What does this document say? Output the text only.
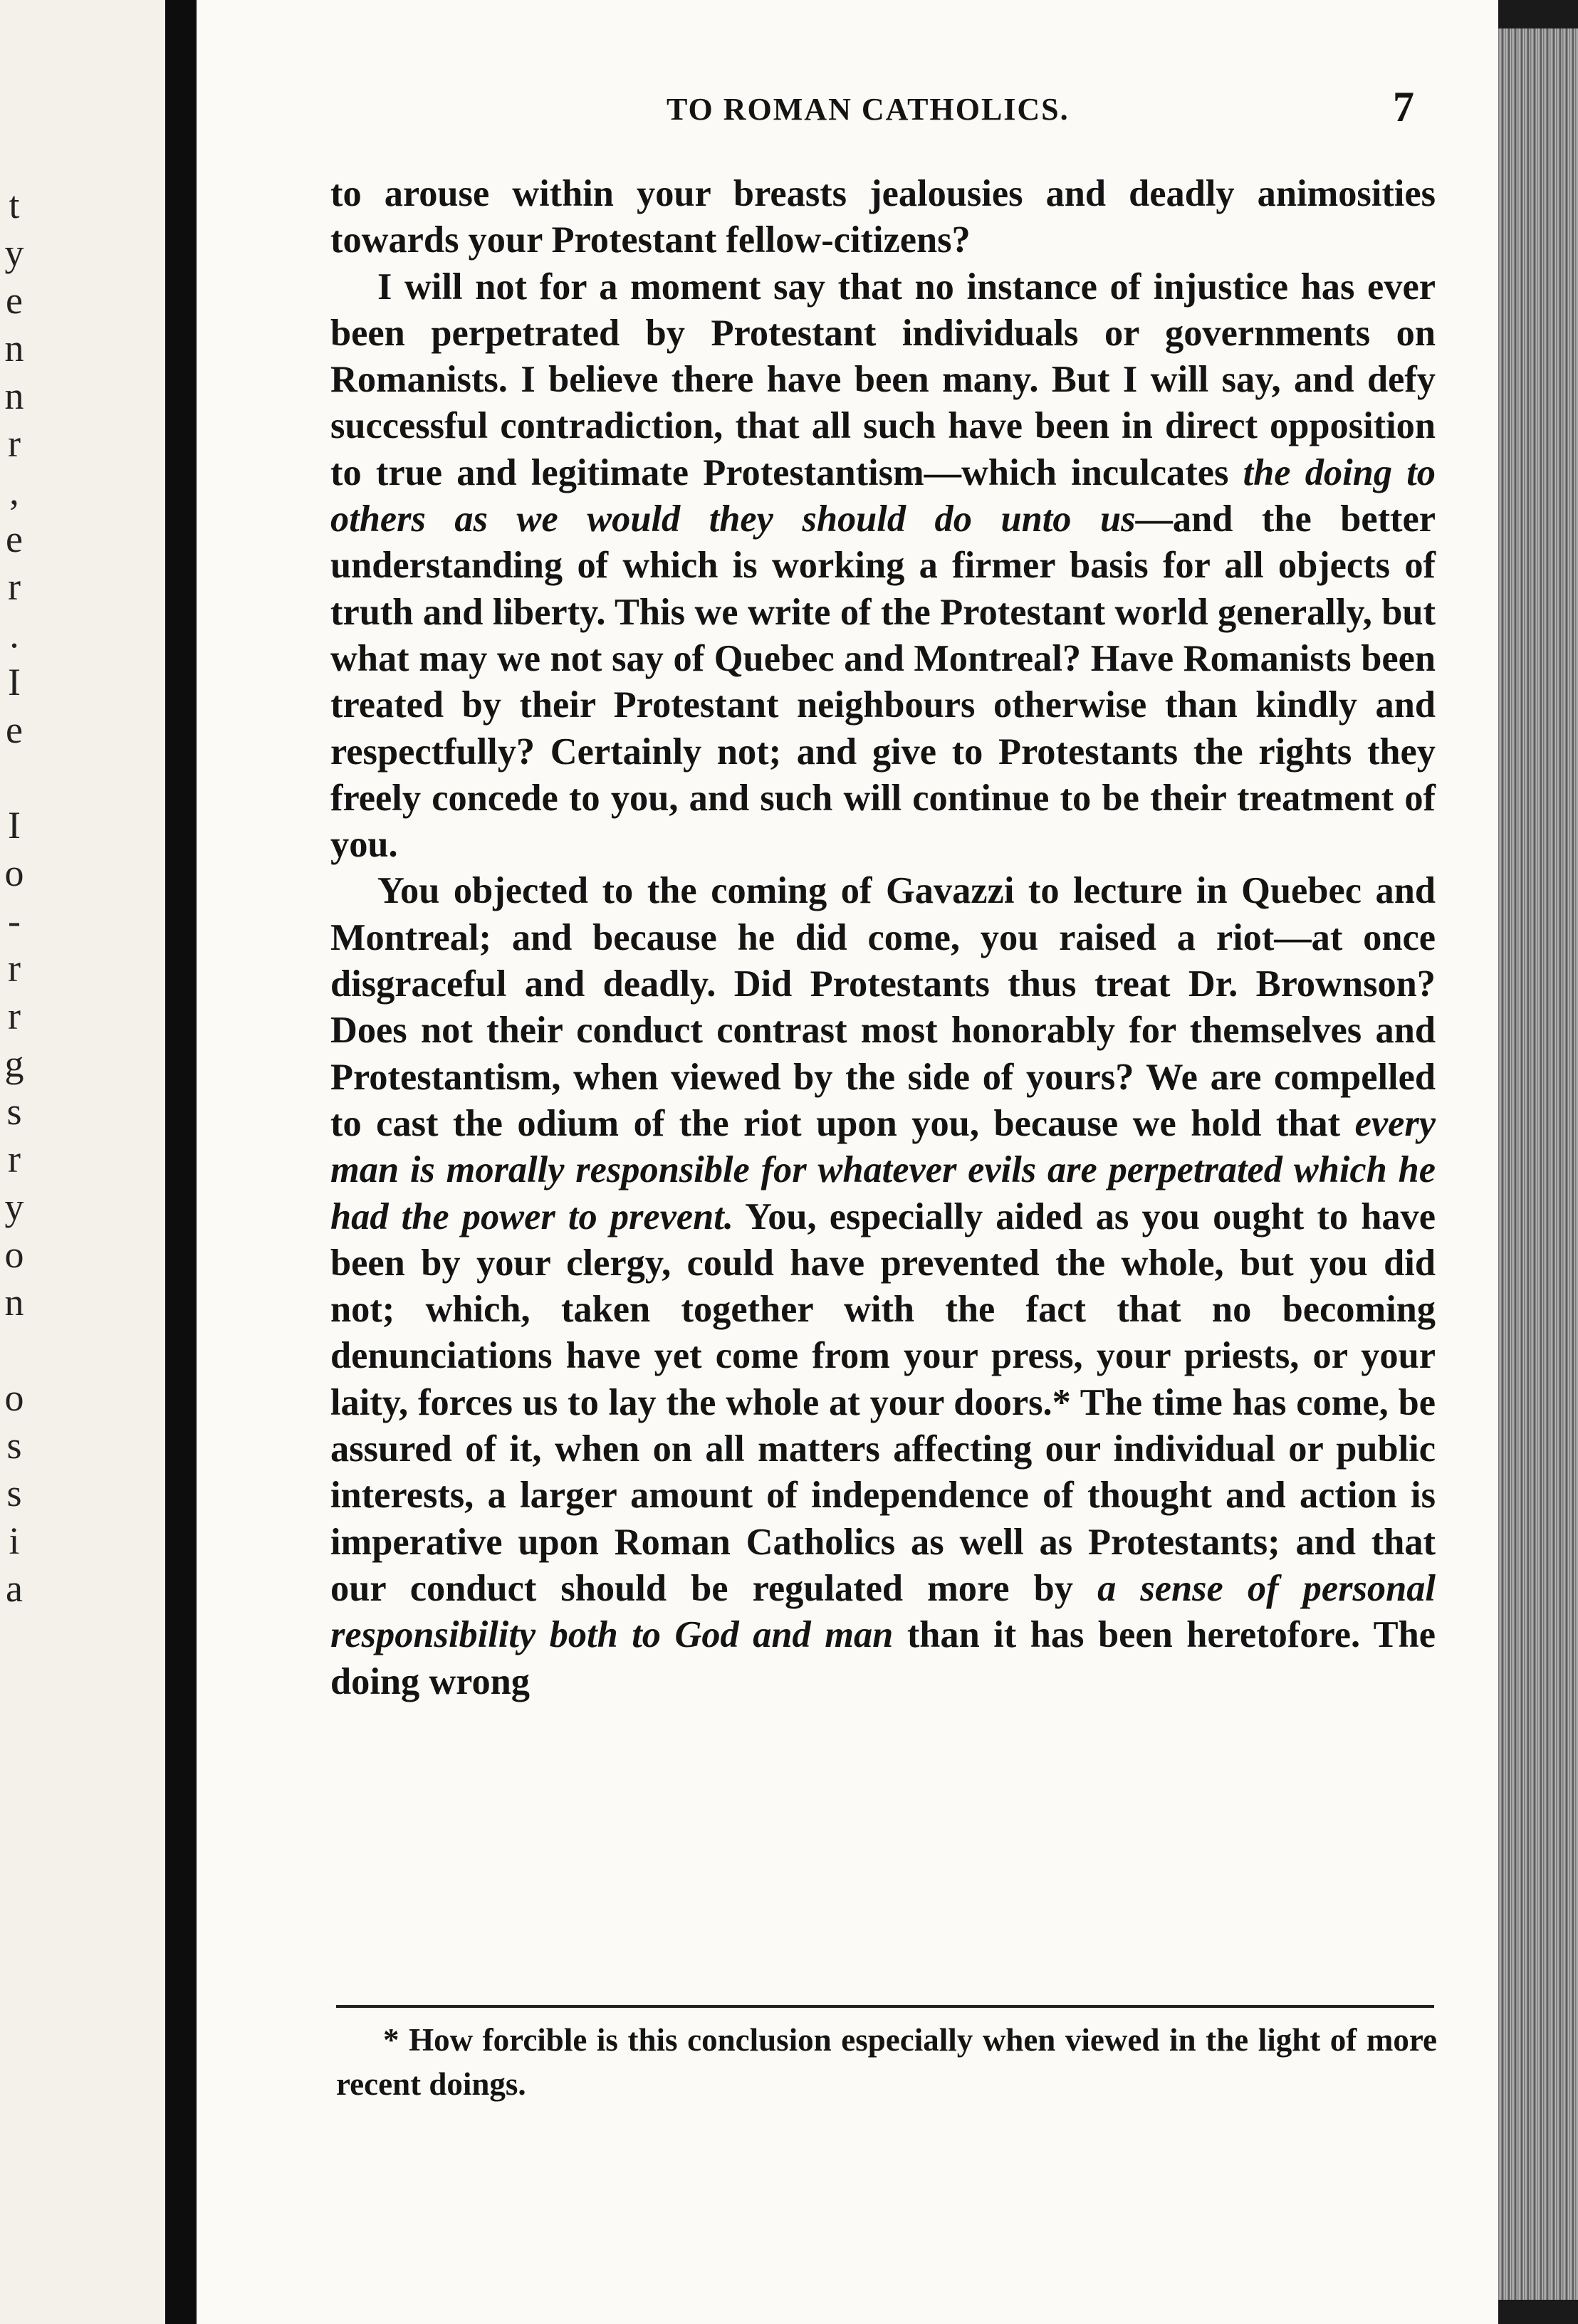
t
y
e
n
n
r
,
e
r
.
I
e

I
o
-
r
r
g
s
r
y
o
n

o
s
s
i
a
TO ROMAN CATHOLICS.	7

to arouse within your breasts jealousies and deadly animosities towards your Protestant fellow-citizens?

I will not for a moment say that no instance of injustice has ever been perpetrated by Protestant individuals or governments on Romanists. I believe there have been many. But I will say, and defy successful contradiction, that all such have been in direct opposition to true and legitimate Protestantism—which inculcates the doing to others as we would they should do unto us—and the better understanding of which is working a firmer basis for all objects of truth and liberty. This we write of the Protestant world generally, but what may we not say of Quebec and Montreal? Have Romanists been treated by their Protestant neighbours otherwise than kindly and respectfully? Certainly not; and give to Protestants the rights they freely concede to you, and such will continue to be their treatment of you.

You objected to the coming of Gavazzi to lecture in Quebec and Montreal; and because he did come, you raised a riot—at once disgraceful and deadly. Did Protestants thus treat Dr. Brownson? Does not their conduct contrast most honorably for themselves and Protestantism, when viewed by the side of yours? We are compelled to cast the odium of the riot upon you, because we hold that every man is morally responsible for whatever evils are perpetrated which he had the power to prevent. You, especially aided as you ought to have been by your clergy, could have prevented the whole, but you did not; which, taken together with the fact that no becoming denunciations have yet come from your press, your priests, or your laity, forces us to lay the whole at your doors.* The time has come, be assured of it, when on all matters affecting our individual or public interests, a larger amount of independence of thought and action is imperative upon Roman Catholics as well as Protestants; and that our conduct should be regulated more by a sense of personal responsibility both to God and man than it has been heretofore. The doing wrong

* How forcible is this conclusion especially when viewed in the light of more recent doings.
